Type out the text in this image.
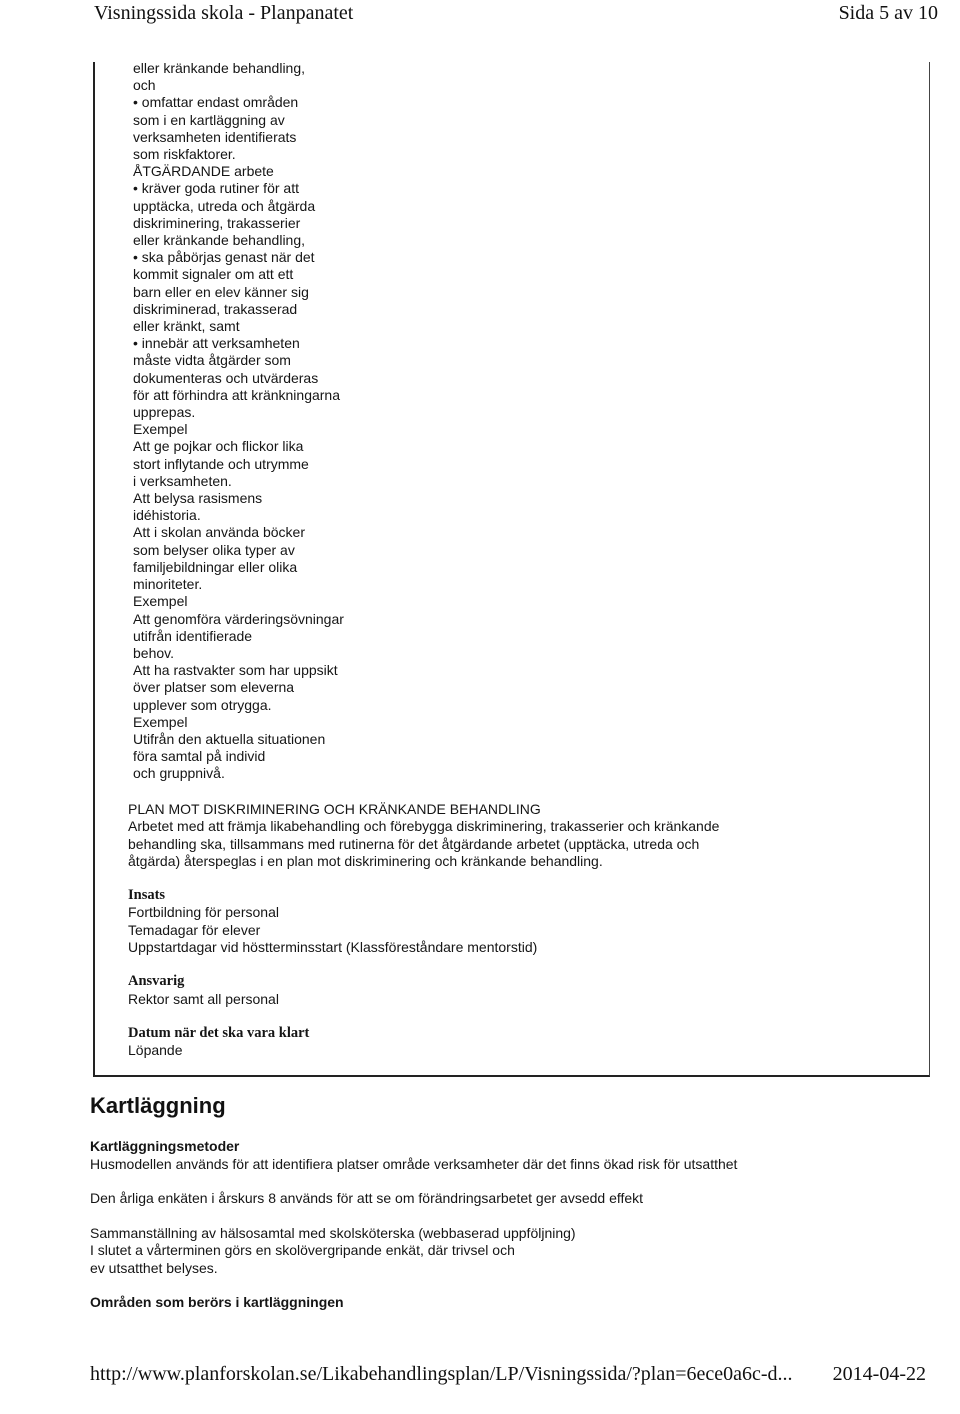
Visningssida skola - Planpanatet	Sida 5 av 10
eller kränkande behandling,
och
• omfattar endast områden
som i en kartläggning av
verksamheten identifierats
som riskfaktorer.
ÅTGÄRDANDE arbete
• kräver goda rutiner för att
upptäcka, utreda och åtgärda
diskriminering, trakasserier
eller kränkande behandling,
• ska påbörjas genast när det
kommit signaler om att ett
barn eller en elev känner sig
diskriminerad, trakasserad
eller kränkt, samt
• innebär att verksamheten
måste vidta åtgärder som
dokumenteras och utvärderas
för att förhindra att kränkningarna
upprepas.
Exempel
Att ge pojkar och flickor lika
stort inflytande och utrymme
i verksamheten.
Att belysa rasismens
idéhistoria.
Att i skolan använda böcker
som belyser olika typer av
familjebildningar eller olika
minoriteter.
Exempel
Att genomföra värderingsövningar
utifrån identifierade
behov.
Att ha rastvakter som har uppsikt
över platser som eleverna
upplever som otrygga.
Exempel
Utifrån den aktuella situationen
föra samtal på individ
och gruppnivå.
PLAN MOT DISKRIMINERING OCH KRÄNKANDE BEHANDLING
Arbetet med att främja likabehandling och förebygga diskriminering, trakasserier och kränkande
behandling ska, tillsammans med rutinerna för det åtgärdande arbetet (upptäcka, utreda och
åtgärda) återspeglas i en plan mot diskriminering och kränkande behandling.
Insats
Fortbildning för personal
Temadagar för elever
Uppstartdagar vid höstterminsstart (Klassföreståndare mentorstid)
Ansvarig
Rektor samt all personal
Datum när det ska vara klart
Löpande
Kartläggning
Kartläggningsmetoder
Husmodellen används för att identifiera platser område verksamheter där det finns ökad risk för utsatthet
Den årliga enkäten i årskurs 8 används för att se om förändringsarbetet ger avsedd effekt
Sammanställning av hälsosamtal med skolsköterska (webbaserad uppföljning)
I slutet a vårterminen görs en skolövergripande enkät, där trivsel och
ev utsatthet belyses.
Områden som berörs i kartläggningen
http://www.planforskolan.se/Likabehandlingsplan/LP/Visningssida/?plan=6ece0a6c-d... 2014-04-22
